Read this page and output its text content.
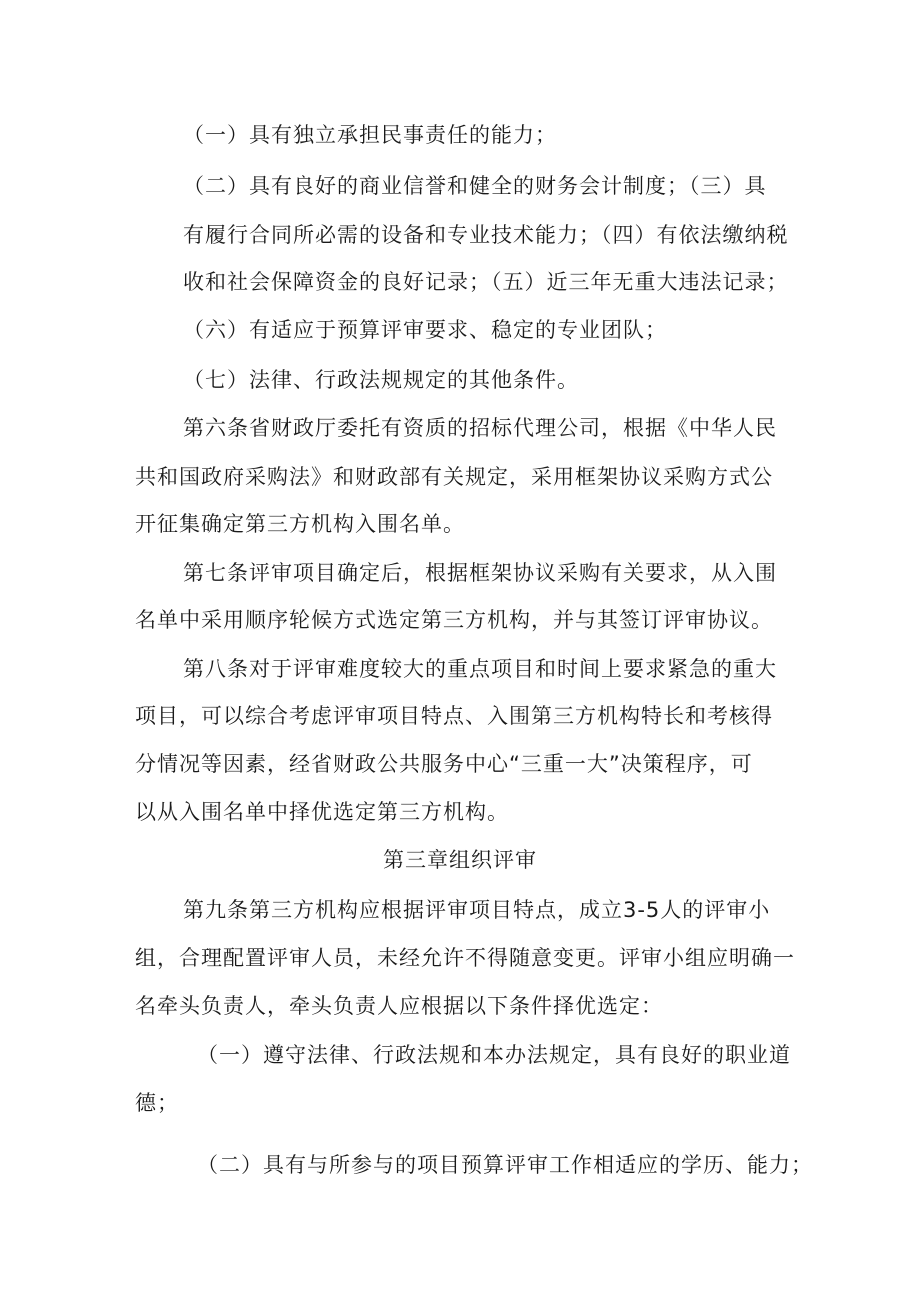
（一）具有独立承担民事责任的能力；
（二）具有良好的商业信誉和健全的财务会计制度；（三）具
有履行合同所必需的设备和专业技术能力；（四）有依法缴纳税
收和社会保障资金的良好记录；（五）近三年无重大违法记录；
（六）有适应于预算评审要求、稳定的专业团队；
（七）法律、行政法规规定的其他条件。
第六条省财政厅委托有资质的招标代理公司，根据《中华人民
共和国政府采购法》和财政部有关规定，采用框架协议采购方式公
开征集确定第三方机构入围名单。
第七条评审项目确定后，根据框架协议采购有关要求，从入围
名单中采用顺序轮候方式选定第三方机构，并与其签订评审协议。
第八条对于评审难度较大的重点项目和时间上要求紧急的重大
项目，可以综合考虑评审项目特点、入围第三方机构特长和考核得
分情况等因素，经省财政公共服务中心“三重一大”决策程序，可
以从入围名单中择优选定第三方机构。
第三章组织评审
第九条第三方机构应根据评审项目特点，成立3-5人的评审小
组，合理配置评审人员，未经允许不得随意变更。评审小组应明确一
名牵头负责人，牵头负责人应根据以下条件择优选定：
（一）遵守法律、行政法规和本办法规定，具有良好的职业道
德；
（二）具有与所参与的项目预算评审工作相适应的学历、能力；
